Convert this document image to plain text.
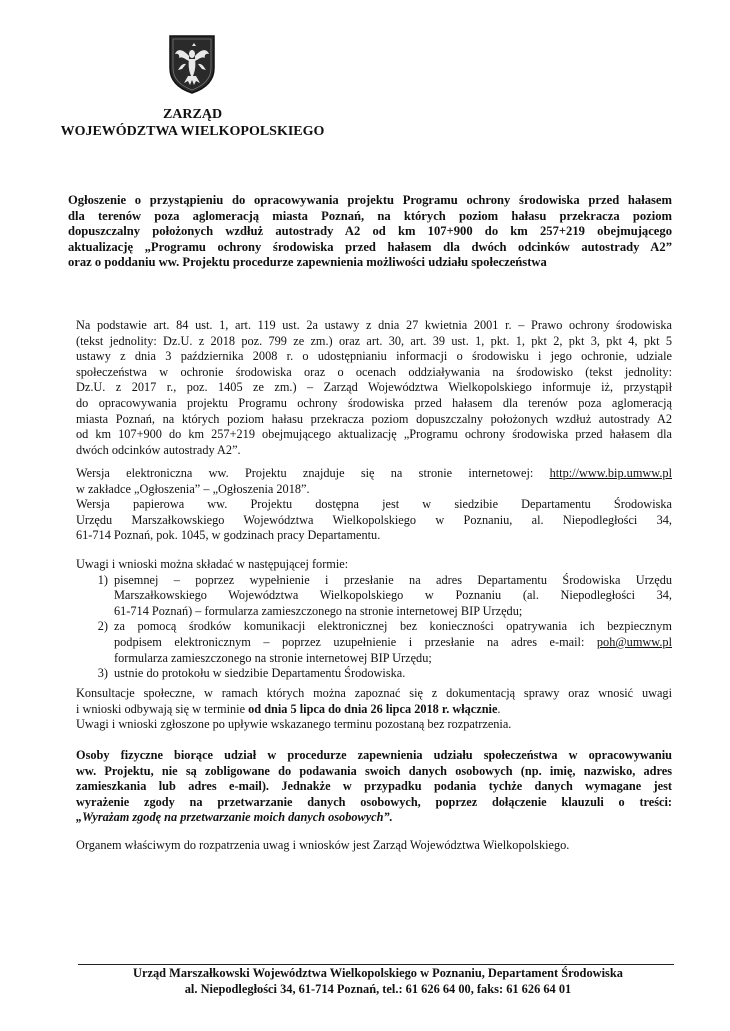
ZARZĄD
WOJEWÓDZTWA WIELKOPOLSKIEGO
Ogłoszenie o przystąpieniu do opracowywania projektu Programu ochrony środowiska przed hałasem
dla terenów poza aglomeracją miasta Poznań, na których poziom hałasu przekracza poziom
dopuszczalny położonych wzdłuż autostrady A2 od km 107+900 do km 257+219 obejmującego
aktualizację „Programu ochrony środowiska przed hałasem dla dwóch odcinków autostrady A2”
oraz o poddaniu ww. Projektu procedurze zapewnienia możliwości udziału społeczeństwa
Na podstawie art. 84 ust. 1, art. 119 ust. 2a ustawy z dnia 27 kwietnia 2001 r. – Prawo ochrony środowiska
(tekst jednolity: Dz.U. z 2018 poz. 799 ze zm.) oraz art. 30, art. 39 ust. 1, pkt. 1, pkt 2, pkt 3, pkt 4, pkt 5
ustawy z dnia 3 października 2008 r. o udostępnianiu informacji o środowisku i jego ochronie, udziale
społeczeństwa w ochronie środowiska oraz o ocenach oddziaływania na środowisko (tekst jednolity:
Dz.U. z 2017 r., poz. 1405 ze zm.) – Zarząd Województwa Wielkopolskiego informuje iż, przystąpił
do opracowywania projektu Programu ochrony środowiska przed hałasem dla terenów poza aglomeracją
miasta Poznań, na których poziom hałasu przekracza poziom dopuszczalny położonych wzdłuż autostrady A2
od km 107+900 do km 257+219 obejmującego aktualizację „Programu ochrony środowiska przed hałasem dla
dwóch odcinków autostrady A2”.
Wersja elektroniczna ww. Projektu znajduje się na stronie internetowej: http://www.bip.umww.pl
w zakładce „Ogłoszenia” – „Ogłoszenia 2018”.
Wersja papierowa ww. Projektu dostępna jest w siedzibie Departamentu Środowiska
Urzędu Marszałkowskiego Województwa Wielkopolskiego w Poznaniu, al. Niepodległości 34,
61-714 Poznań, pok. 1045, w godzinach pracy Departamentu.
Uwagi i wnioski można składać w następującej formie:
1) pisemnej – poprzez wypełnienie i przesłanie na adres Departamentu Środowiska Urzędu
Marszałkowskiego Województwa Wielkopolskiego w Poznaniu (al. Niepodległości 34,
61-714 Poznań) – formularza zamieszczonego na stronie internetowej BIP Urzędu;
2) za pomocą środków komunikacji elektronicznej bez konieczności opatrywania ich bezpiecznym
podpisem elektronicznym – poprzez uzupełnienie i przesłanie na adres e-mail: poh@umww.pl
formularza zamieszczonego na stronie internetowej BIP Urzędu;
3) ustnie do protokołu w siedzibie Departamentu Środowiska.
Konsultacje społeczne, w ramach których można zapoznać się z dokumentacją sprawy oraz wnosić uwagi
i wnioski odbywają się w terminie od dnia 5 lipca do dnia 26 lipca 2018 r. włącznie.
Uwagi i wnioski zgłoszone po upływie wskazanego terminu pozostaną bez rozpatrzenia.
Osoby fizyczne biorące udział w procedurze zapewnienia udziału społeczeństwa w opracowywaniu
ww. Projektu, nie są zobligowane do podawania swoich danych osobowych (np. imię, nazwisko, adres
zamieszkania lub adres e-mail). Jednakże w przypadku podania tychże danych wymagane jest
wyrażenie zgody na przetwarzanie danych osobowych, poprzez dołączenie klauzuli o treści:
„Wyrażam zgodę na przetwarzanie moich danych osobowych”.
Organem właściwym do rozpatrzenia uwag i wniosków jest Zarząd Województwa Wielkopolskiego.
Urząd Marszałkowski Województwa Wielkopolskiego w Poznaniu, Departament Środowiska
al. Niepodległości 34, 61-714 Poznań, tel.: 61 626 64 00, faks: 61 626 64 01
